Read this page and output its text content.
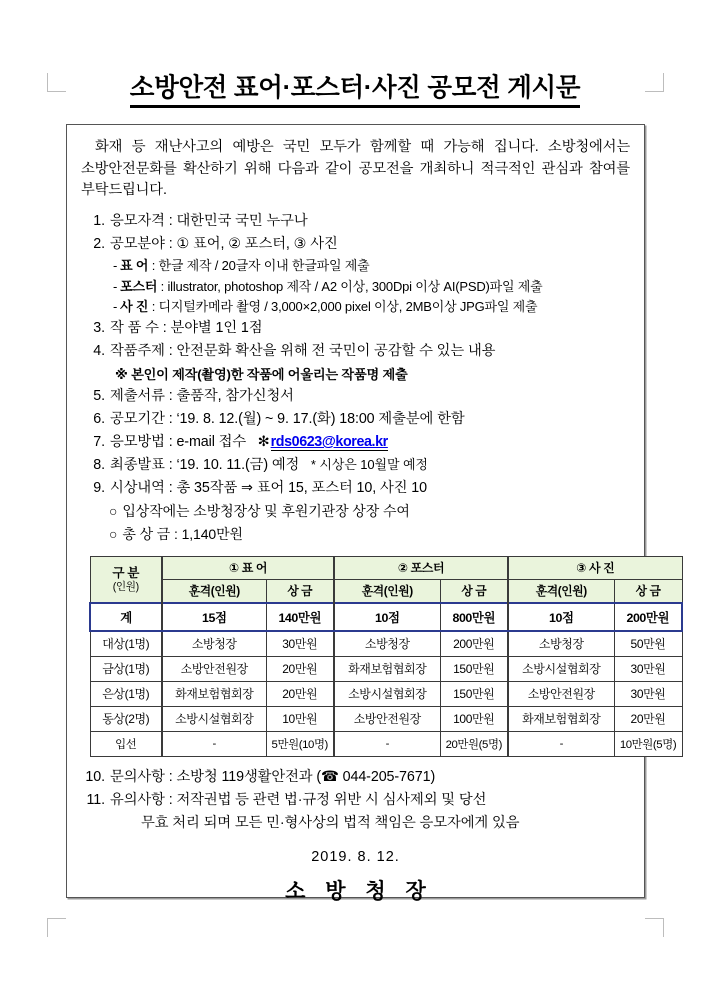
소방안전 표어·포스터·사진 공모전 게시문

화재 등 재난사고의 예방은 국민 모두가 함께할 때 가능해 집니다. 소방청에서는 소방안전문화를 확산하기 위해 다음과 같이 공모전을 개최하니 적극적인 관심과 참여를 부탁드립니다.

1. 응모자격 : 대한민국 국민 누구나
2. 공모분야 : ① 표어, ② 포스터, ③ 사진
- 표 어 : 한글 제작 / 20글자 이내 한글파일 제출
- 포스터 : illustrator, photoshop 제작 / A2 이상, 300Dpi 이상 AI(PSD)파일 제출
- 사 진 : 디지털카메라 촬영 / 3,000×2,000 pixel 이상, 2MB이상 JPG파일 제출
3. 작 품 수 : 분야별 1인 1점
4. 작품주제 : 안전문화 확산을 위해 전 국민이 공감할 수 있는 내용
※ 본인이 제작(촬영)한 작품에 어울리는 작품명 제출
5. 제출서류 : 출품작, 참가신청서
6. 공모기간 : ‘19. 8. 12.(월) ~ 9. 17.(화) 18:00 제출분에 한함
7. 응모방법 : e-mail 접수 ✻rds0623@korea.kr
8. 최종발표 : ‘19. 10. 11.(금) 예정 * 시상은 10월말 예정
9. 시상내역 : 총 35작품 ⇒ 표어 15, 포스터 10, 사진 10
○ 입상작에는 소방청장상 및 후원기관장 상장 수여
○ 총 상 금 : 1,140만원
구 분
(인원)	① 표 어		② 포스터		③ 사 진	
	훈격(인원)	상 금	훈격(인원)	상 금	훈격(인원)	상 금
계	15점	140만원	10점	800만원	10점	200만원
대상(1명)	소방청장	30만원	소방청장	200만원	소방청장	50만원
금상(1명)	소방안전원장	20만원	화재보험협회장	150만원	소방시설협회장	30만원
은상(1명)	화재보험협회장	20만원	소방시설협회장	150만원	소방안전원장	30만원
동상(2명)	소방시설협회장	10만원	소방안전원장	100만원	화재보험협회장	20만원
입선	-	5만원(10명)	-	20만원(5명)	-	10만원(5명)
10. 문의사항 : 소방청 119생활안전과 (☎ 044-205-7671)
11. 유의사항 : 저작권법 등 관련 법·규정 위반 시 심사제외 및 당선
무효 처리 되며 모든 민·형사상의 법적 책임은 응모자에게 있음
2019. 8. 12.
소 방 청 장
